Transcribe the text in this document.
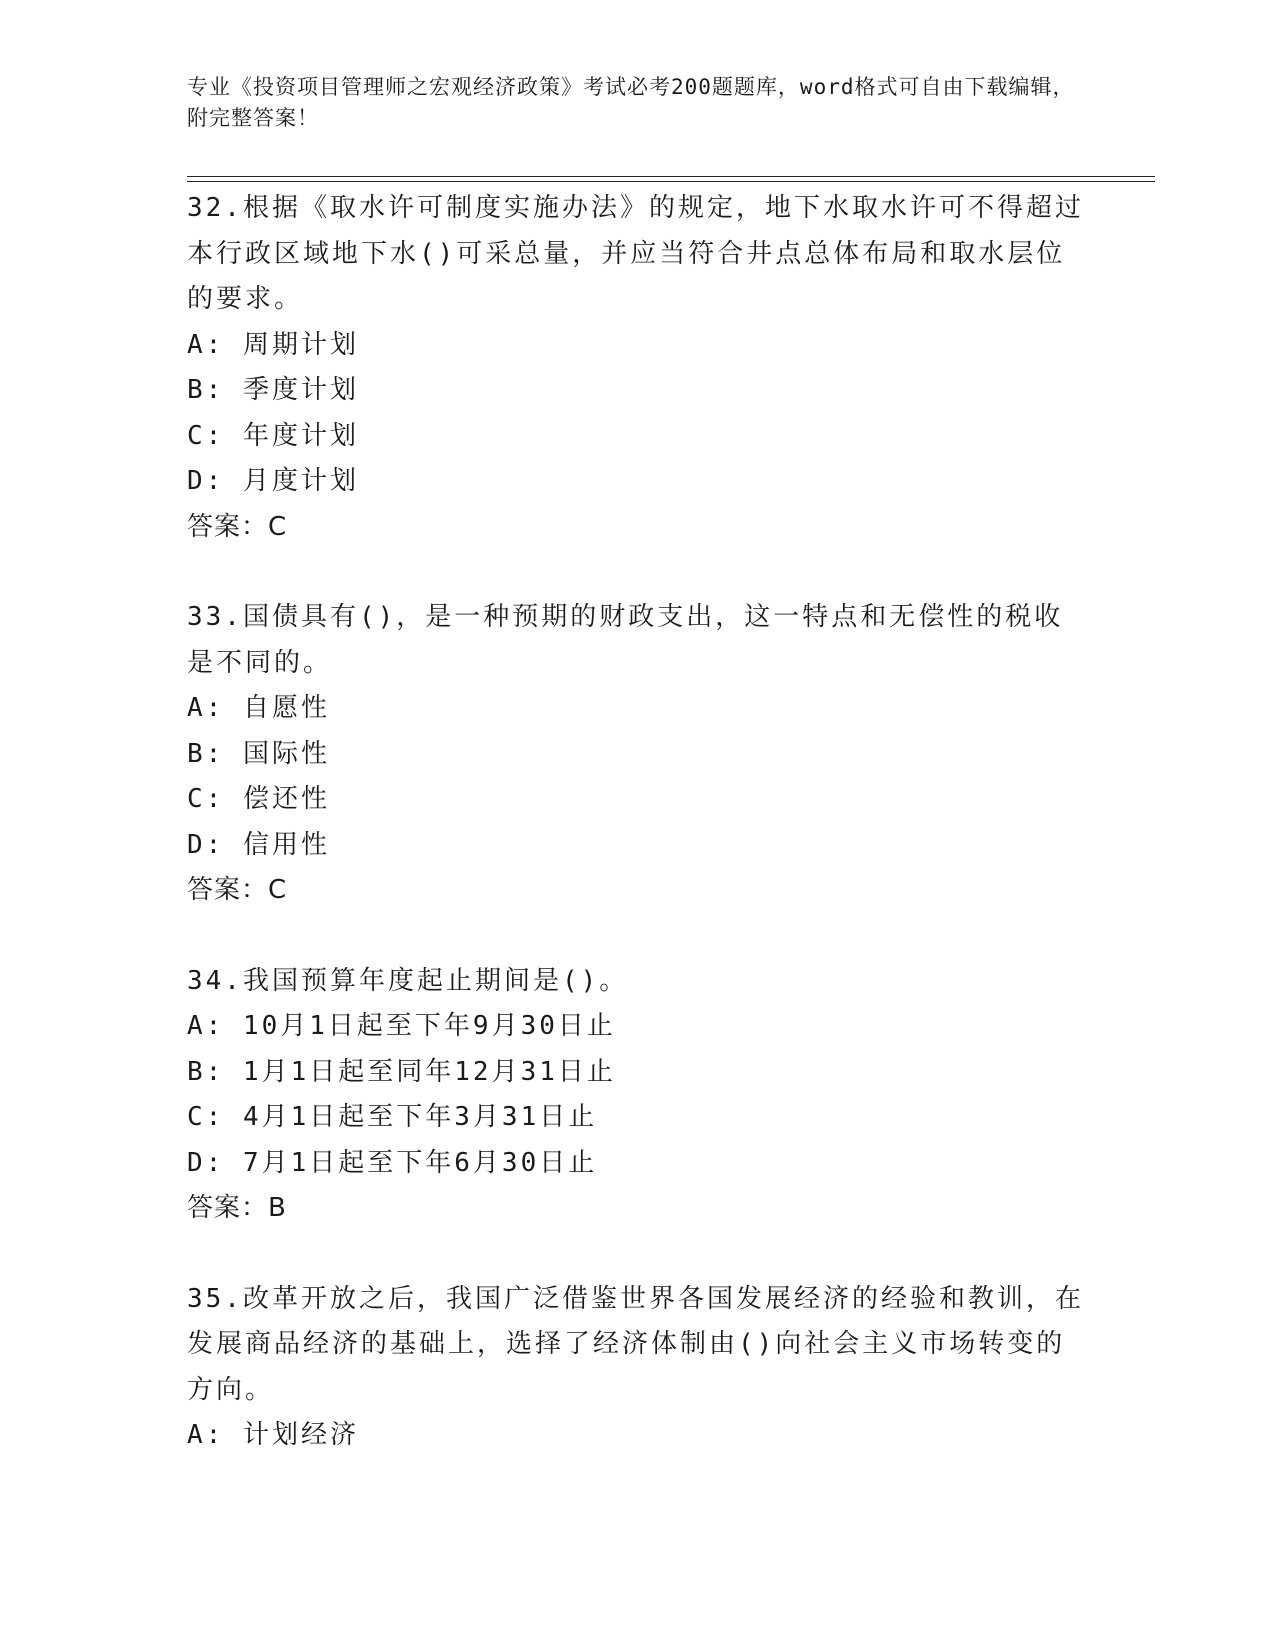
专业《投资项目管理师之宏观经济政策》考试必考200题题库，word格式可自由下载编辑，附完整答案！

32.根据《取水许可制度实施办法》的规定，地下水取水许可不得超过本行政区域地下水()可采总量，并应当符合井点总体布局和取水层位的要求。

A: 周期计划
B: 季度计划
C: 年度计划
D: 月度计划

答案：C

33.国债具有()，是一种预期的财政支出，这一特点和无偿性的税收是不同的。

A: 自愿性
B: 国际性
C: 偿还性
D: 信用性

答案：C

34.我国预算年度起止期间是()。

A: 10月1日起至下年9月30日止
B: 1月1日起至同年12月31日止
C: 4月1日起至下年3月31日止
D: 7月1日起至下年6月30日止

答案：B

35.改革开放之后，我国广泛借鉴世界各国发展经济的经验和教训，在发展商品经济的基础上，选择了经济体制由()向社会主义市场转变的方向。

A: 计划经济
